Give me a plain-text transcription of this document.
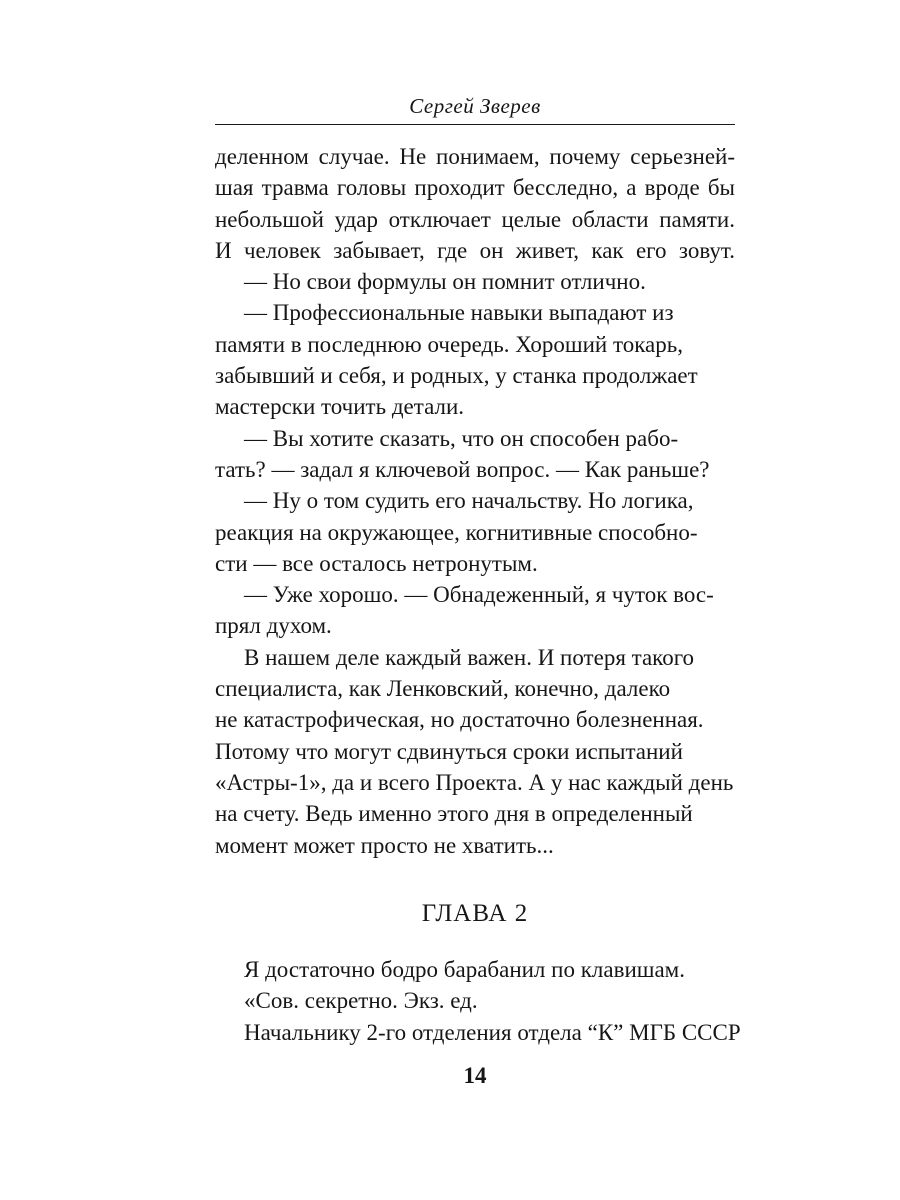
Сергей Зверев

деленном случае. Не понимаем, почему серьезней-
шая травма головы проходит бесследно, а вроде бы
небольшой удар отключает целые области памяти.
И человек забывает, где он живет, как его зовут.

— Но свои формулы он помнит отлично.

— Профессиональные навыки выпадают из
памяти в последнюю очередь. Хороший токарь,
забывший и себя, и родных, у станка продолжает
мастерски точить детали.

— Вы хотите сказать, что он способен рабо-
тать? — задал я ключевой вопрос. — Как раньше?

— Ну о том судить его начальству. Но логика,
реакция на окружающее, когнитивные способно-
сти — все осталось нетронутым.

— Уже хорошо. — Обнадеженный, я чуток вос-
прял духом.

В нашем деле каждый важен. И потеря такого
специалиста, как Ленковский, конечно, далеко
не катастрофическая, но достаточно болезненная.
Потому что могут сдвинуться сроки испытаний
«Астры-1», да и всего Проекта. А у нас каждый день
на счету. Ведь именно этого дня в определенный
момент может просто не хватить...

ГЛАВА 2

Я достаточно бодро барабанил по клавишам.

«Сов. секретно. Экз. ед.

Начальнику 2-го отделения отдела “К” МГБ СССР

14
